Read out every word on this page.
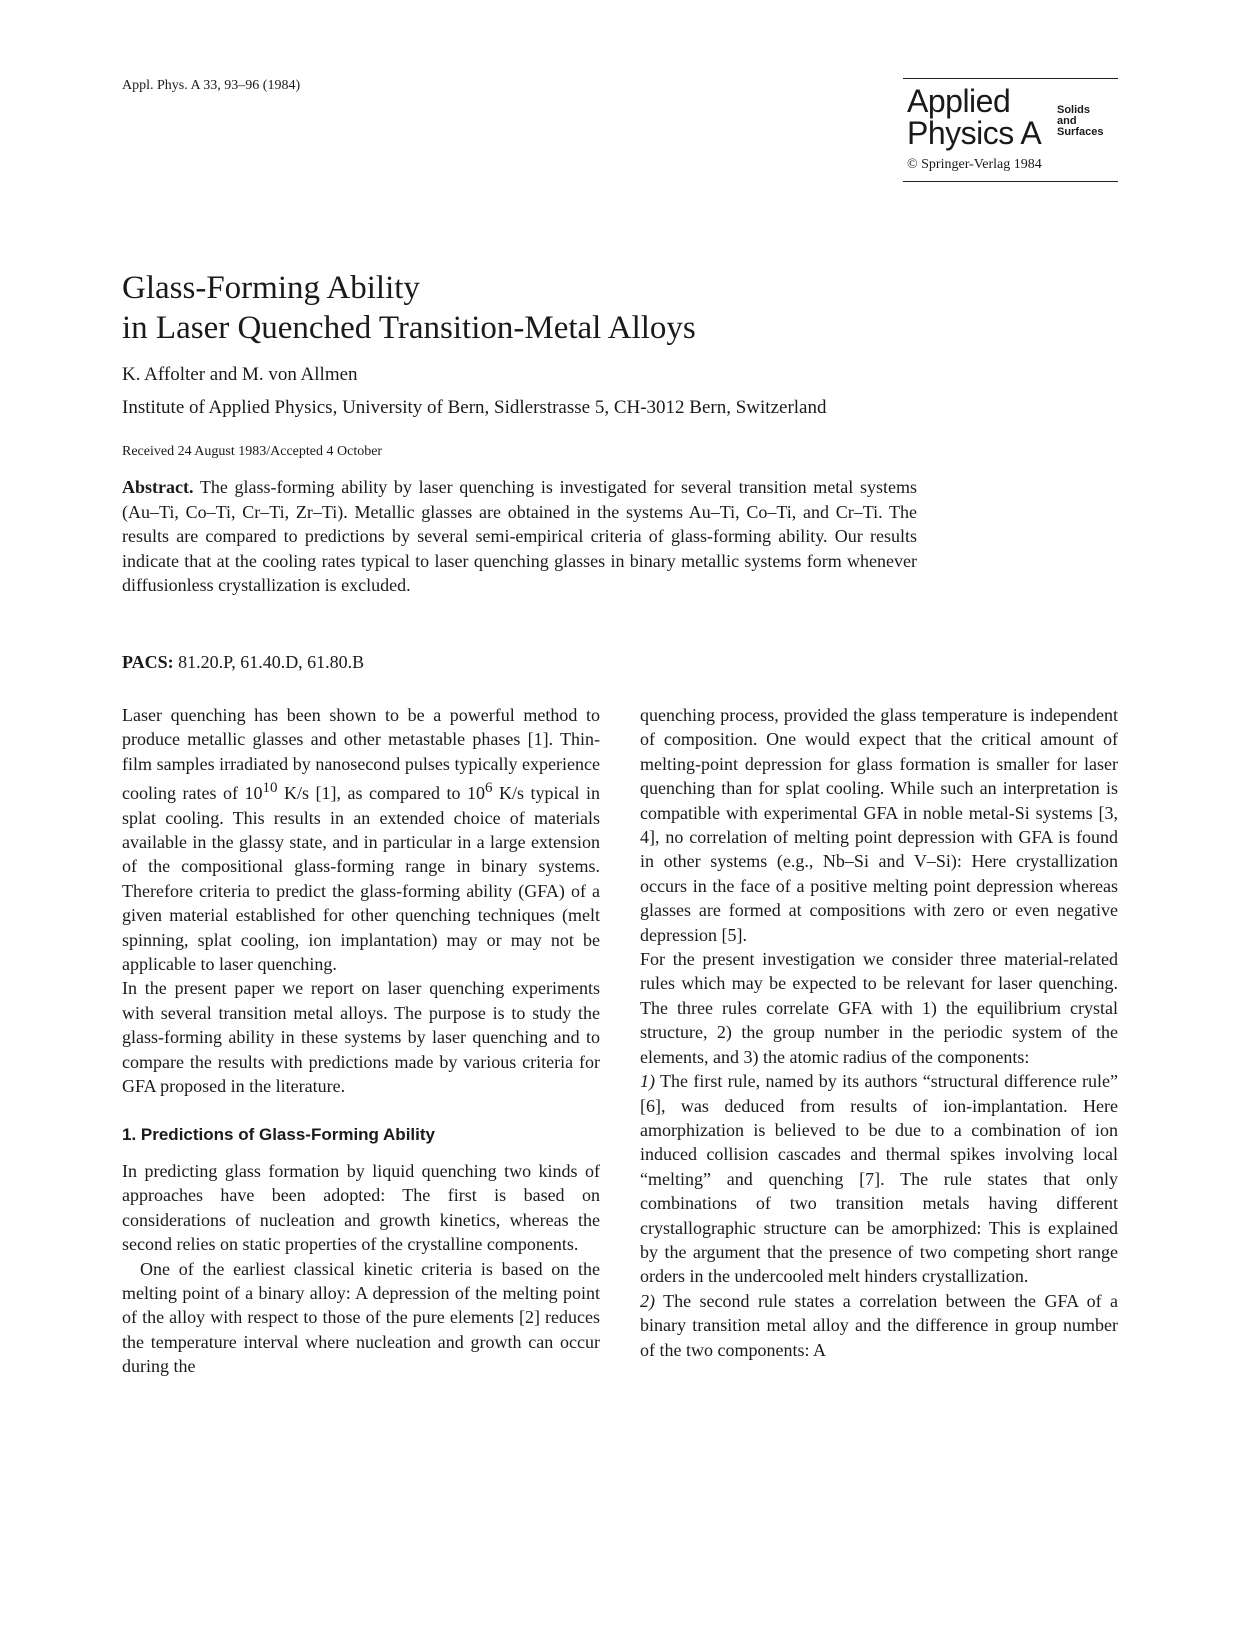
Appl. Phys. A 33, 93–96 (1984)	Applied
Physics A
Solids
and
Surfaces
© Springer-Verlag 1984
Glass-Forming Ability
in Laser Quenched Transition-Metal Alloys
K. Affolter and M. von Allmen
Institute of Applied Physics, University of Bern, Sidlerstrasse 5, CH-3012 Bern, Switzerland
Received 24 August 1983/Accepted 4 October
Abstract. The glass-forming ability by laser quenching is investigated for several transition metal systems (Au–Ti, Co–Ti, Cr–Ti, Zr–Ti). Metallic glasses are obtained in the systems Au–Ti, Co–Ti, and Cr–Ti. The results are compared to predictions by several semi-empirical criteria of glass-forming ability. Our results indicate that at the cooling rates typical to laser quenching glasses in binary metallic systems form whenever diffusionless crystallization is excluded.
PACS: 81.20.P, 61.40.D, 61.80.B

Laser quenching has been shown to be a powerful method to produce metallic glasses and other metastable phases [1]. Thin-film samples irradiated by nanosecond pulses typically experience cooling rates of $10^{10}$ K/s [1], as compared to $10^6$ K/s typical in splat cooling. This results in an extended choice of materials available in the glassy state, and in particular in a large extension of the compositional glass-forming range in binary systems. Therefore criteria to predict the glass-forming ability (GFA) of a given material established for other quenching techniques (melt spinning, splat cooling, ion implantation) may or may not be applicable to laser quenching.

In the present paper we report on laser quenching experiments with several transition metal alloys. The purpose is to study the glass-forming ability in these systems by laser quenching and to compare the results with predictions made by various criteria for GFA proposed in the literature.

1. Predictions of Glass-Forming Ability

In predicting glass formation by liquid quenching two kinds of approaches have been adopted: The first is based on considerations of nucleation and growth kinetics, whereas the second relies on static properties of the crystalline components.

One of the earliest classical kinetic criteria is based on the melting point of a binary alloy: A depression of the melting point of the alloy with respect to those of the pure elements [2] reduces the temperature interval where nucleation and growth can occur during the

quenching process, provided the glass temperature is independent of composition. One would expect that the critical amount of melting-point depression for glass formation is smaller for laser quenching than for splat cooling. While such an interpretation is compatible with experimental GFA in noble metal-Si systems [3, 4], no correlation of melting point depression with GFA is found in other systems (e.g., Nb–Si and V–Si): Here crystallization occurs in the face of a positive melting point depression whereas glasses are formed at compositions with zero or even negative depression [5].

For the present investigation we consider three material-related rules which may be expected to be relevant for laser quenching. The three rules correlate GFA with 1) the equilibrium crystal structure, 2) the group number in the periodic system of the elements, and 3) the atomic radius of the components:

1) The first rule, named by its authors “structural difference rule” [6], was deduced from results of ion-implantation. Here amorphization is believed to be due to a combination of ion induced collision cascades and thermal spikes involving local “melting” and quenching [7]. The rule states that only combinations of two transition metals having different crystallographic structure can be amorphized: This is explained by the argument that the presence of two competing short range orders in the undercooled melt hinders crystallization.

2) The second rule states a correlation between the GFA of a binary transition metal alloy and the difference in group number of the two components: A
